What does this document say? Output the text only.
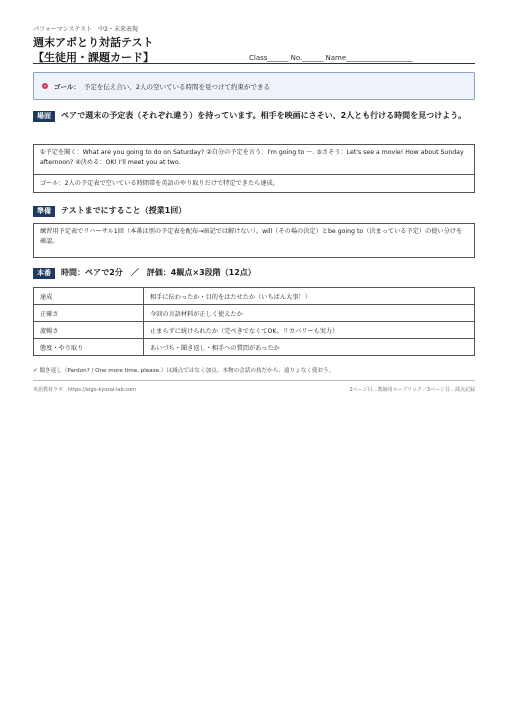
パフォーマンステスト　中2・未来表現
週末アポとり対話テスト
【生徒用・課題カード】	Class______ No.______ Name___________________
ゴール： 予定を伝え合い、2人の空いている時間を見つけて約束ができる
場面	ペアで週末の予定表（それぞれ違う）を持っています。相手を映画にさそい、2人とも行ける時間を見つけよう。
①予定を聞く：What are you going to do on Saturday? ②自分の予定を言う：I'm going to ～. ③さそう：Let's see a movie! How about Sunday afternoon? ④決める：OK! I'll meet you at two.
ゴール：2人の予定表で空いている時間帯を英語のやり取りだけで特定できたら達成。
準備	テストまでにすること（授業1回）
練習用予定表でリハーサル1回（本番は別の予定表を配布→暗記では解けない）。will（その場の決定）とbe going to（決まっている予定）の使い分けを確認。
本番	時間：ペアで2分　／　評価：4観点×3段階（12点）
達成	相手に伝わったか・目的をはたせたか（いちばん大事！）
正確さ	今回の言語材料が正しく使えたか
流暢さ	止まらずに続けられたか（完ぺきでなくてOK。リカバリーも実力）
態度・やり取り	あいづち・聞き返し・相手への質問があったか
✓ 聞き返し（Pardon? / One more time, please.）は減点ではなく加点。本物の会話の技だから、遠りょなく使おう。
英語教材ラボ　https://eigo-kyozai-lab.com	2ページ目…教師用ルーブリック／3ページ目…採点記録
